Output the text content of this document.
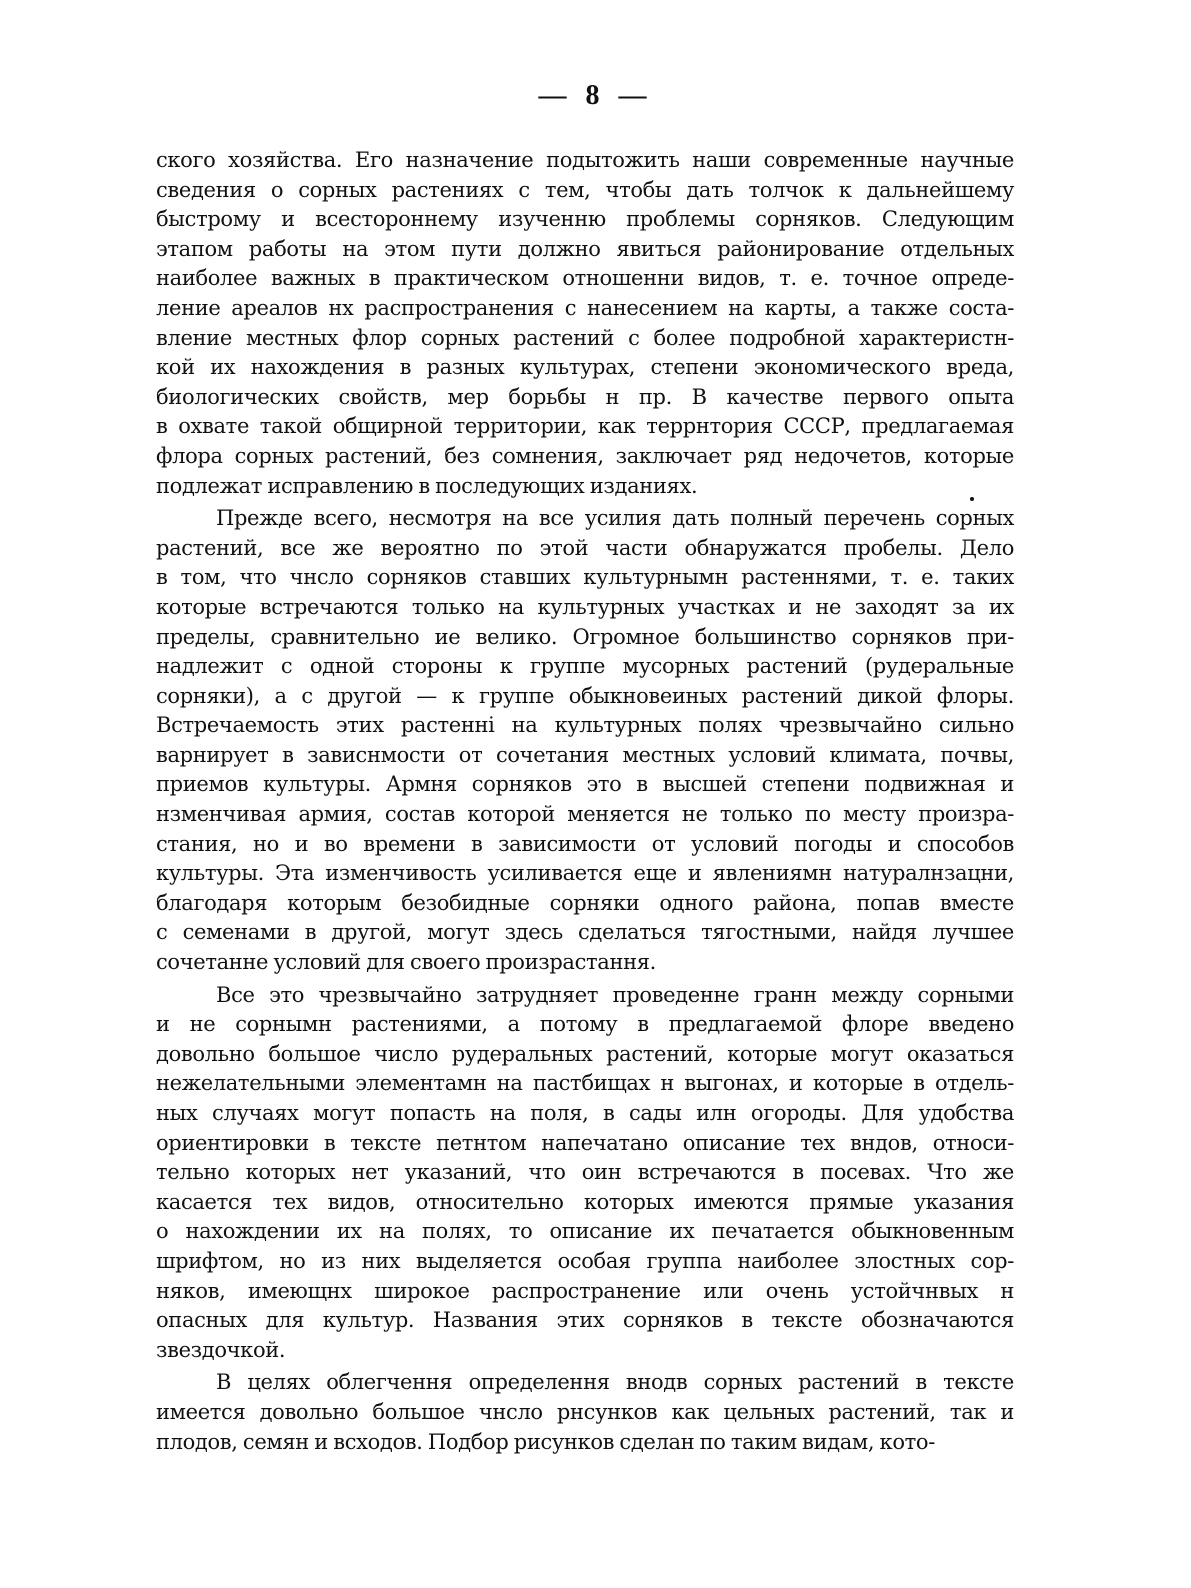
— 8 —
ского хозяйства. Его назначение подытожить наши современные научные
сведения о сорных растениях с тем, чтобы дать толчок к дальнейшему
быстрому и всестороннему изученню проблемы сорняков. Следующим
этапом работы на этом пути должно явиться районирование отдельных
наиболее важных в практическом отношенни видов, т. е. точное опреде-
ление ареалов нх распространения с нанесением на карты, а также соста-
вление местных флор сорных растений с более подробной характеристн-
кой их нахождения в разных культурах, степени экономического вреда,
биологических свойств, мер борьбы н пр. В качестве первого опыта
в охвате такой общирной территории, как террнтория СССР, предлагаемая
флора сорных растений, без сомнения, заключает ряд недочетов, которые
подлежат исправлению в последующих изданиях.
Прежде всего, несмотря на все усилия дать полный перечень сорных
растений, все же вероятно по этой части обнаружатся пробелы. Дело
в том, что чнсло сорняков ставших культурнымн растеннями, т. е. таких
которые встречаются только на культурных участках и не заходят за их
пределы, сравнительно ие велико. Огромное большинство сорняков при-
надлежит с одной стороны к группе мусорных растений (рудеральные
сорняки), а с другой — к группе обыкновеиных растений дикой флоры.
Встречаемость этих растенні на культурных полях чрезвычайно сильно
варнирует в зависнмости от сочетания местных условий климата, почвы,
приемов культуры. Армня сорняков это в высшей степени подвижная и
нзменчивая армия, состав которой меняется не только по месту произра-
стания, но и во времени в зависимости от условий погоды и способов
культуры. Эта изменчивость усиливается еще и явлениямн натуралнзацни,
благодаря которым безобидные сорняки одного района, попав вместе
с семенами в другой, могут здесь сделаться тягостными, найдя лучшее
сочетанне условий для своего произрастання.
Все это чрезвычайно затрудняет проведенне гранн между сорными
и не сорнымн растениями, а потому в предлагаемой флоре введено
довольно большое число рудеральных растений, которые могут оказаться
нежелательными элементамн на пастбищах н выгонах, и которые в отдель-
ных случаях могут попасть на поля, в сады илн огороды. Для удобства
ориентировки в тексте петнтом напечатано описание тех вндов, относи-
тельно которых нет указаний, что оин встречаются в посевах. Что же
касается тех видов, относительно которых имеются прямые указания
о нахождении их на полях, то описание их печатается обыкновенным
шрифтом, но из них выделяется особая группа наиболее злостных сор-
няков, имеющнх широкое распространение или очень устойчнвых н
опасных для культур. Названия этих сорняков в тексте обозначаются
звездочкой.
В целях облегчення определення внодв сорных растений в тексте
имеется довольно большое чнсло рнсунков как цельных растений, так и
плодов, семян и всходов. Подбор рисунков сделан по таким видам, кото-
